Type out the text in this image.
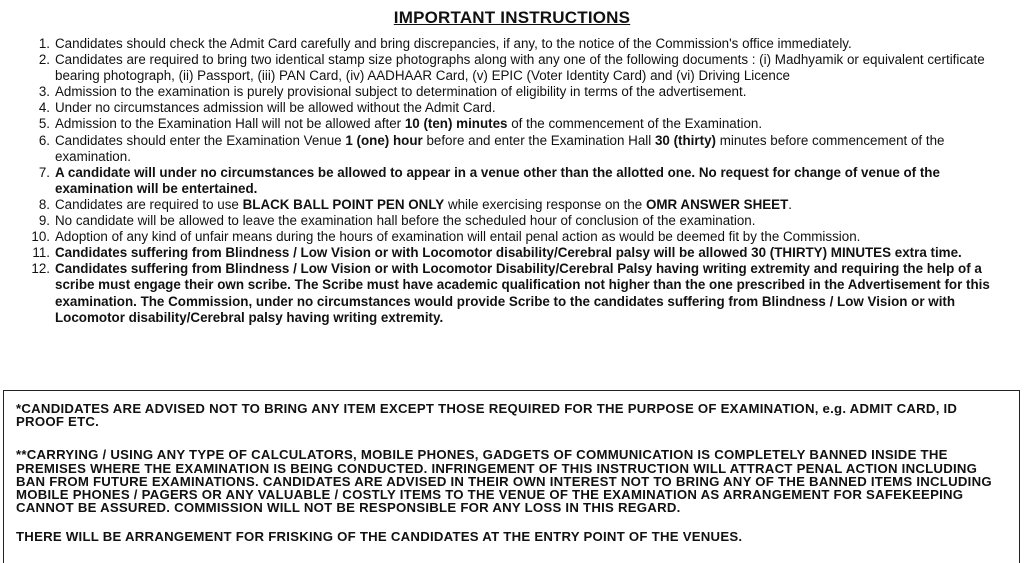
IMPORTANT INSTRUCTIONS
1. Candidates should check the Admit Card carefully and bring discrepancies, if any, to the notice of the Commission's office immediately.
2. Candidates are required to bring two identical stamp size photographs along with any one of the following documents : (i) Madhyamik or equivalent certificate bearing photograph, (ii) Passport, (iii) PAN Card, (iv) AADHAAR Card, (v) EPIC (Voter Identity Card) and (vi) Driving Licence
3. Admission to the examination is purely provisional subject to determination of eligibility in terms of the advertisement.
4. Under no circumstances admission will be allowed without the Admit Card.
5. Admission to the Examination Hall will not be allowed after 10 (ten) minutes of the commencement of the Examination.
6. Candidates should enter the Examination Venue 1 (one) hour before and enter the Examination Hall 30 (thirty) minutes before commencement of the examination.
7. A candidate will under no circumstances be allowed to appear in a venue other than the allotted one. No request for change of venue of the examination will be entertained.
8. Candidates are required to use BLACK BALL POINT PEN ONLY while exercising response on the OMR ANSWER SHEET.
9. No candidate will be allowed to leave the examination hall before the scheduled hour of conclusion of the examination.
10. Adoption of any kind of unfair means during the hours of examination will entail penal action as would be deemed fit by the Commission.
11. Candidates suffering from Blindness / Low Vision or with Locomotor disability/Cerebral palsy will be allowed 30 (THIRTY) MINUTES extra time.
12. Candidates suffering from Blindness / Low Vision or with Locomotor Disability/Cerebral Palsy having writing extremity and requiring the help of a scribe must engage their own scribe. The Scribe must have academic qualification not higher than the one prescribed in the Advertisement for this examination. The Commission, under no circumstances would provide Scribe to the candidates suffering from Blindness / Low Vision or with Locomotor disability/Cerebral palsy having writing extremity.

*CANDIDATES ARE ADVISED NOT TO BRING ANY ITEM EXCEPT THOSE REQUIRED FOR THE PURPOSE OF EXAMINATION, e.g. ADMIT CARD, ID PROOF ETC.

**CARRYING / USING ANY TYPE OF CALCULATORS, MOBILE PHONES, GADGETS OF COMMUNICATION IS COMPLETELY BANNED INSIDE THE PREMISES WHERE THE EXAMINATION IS BEING CONDUCTED. INFRINGEMENT OF THIS INSTRUCTION WILL ATTRACT PENAL ACTION INCLUDING BAN FROM FUTURE EXAMINATIONS. CANDIDATES ARE ADVISED IN THEIR OWN INTEREST NOT TO BRING ANY OF THE BANNED ITEMS INCLUDING MOBILE PHONES / PAGERS OR ANY VALUABLE / COSTLY ITEMS TO THE VENUE OF THE EXAMINATION AS ARRANGEMENT FOR SAFEKEEPING CANNOT BE ASSURED. COMMISSION WILL NOT BE RESPONSIBLE FOR ANY LOSS IN THIS REGARD.

THERE WILL BE ARRANGEMENT FOR FRISKING OF THE CANDIDATES AT THE ENTRY POINT OF THE VENUES.
